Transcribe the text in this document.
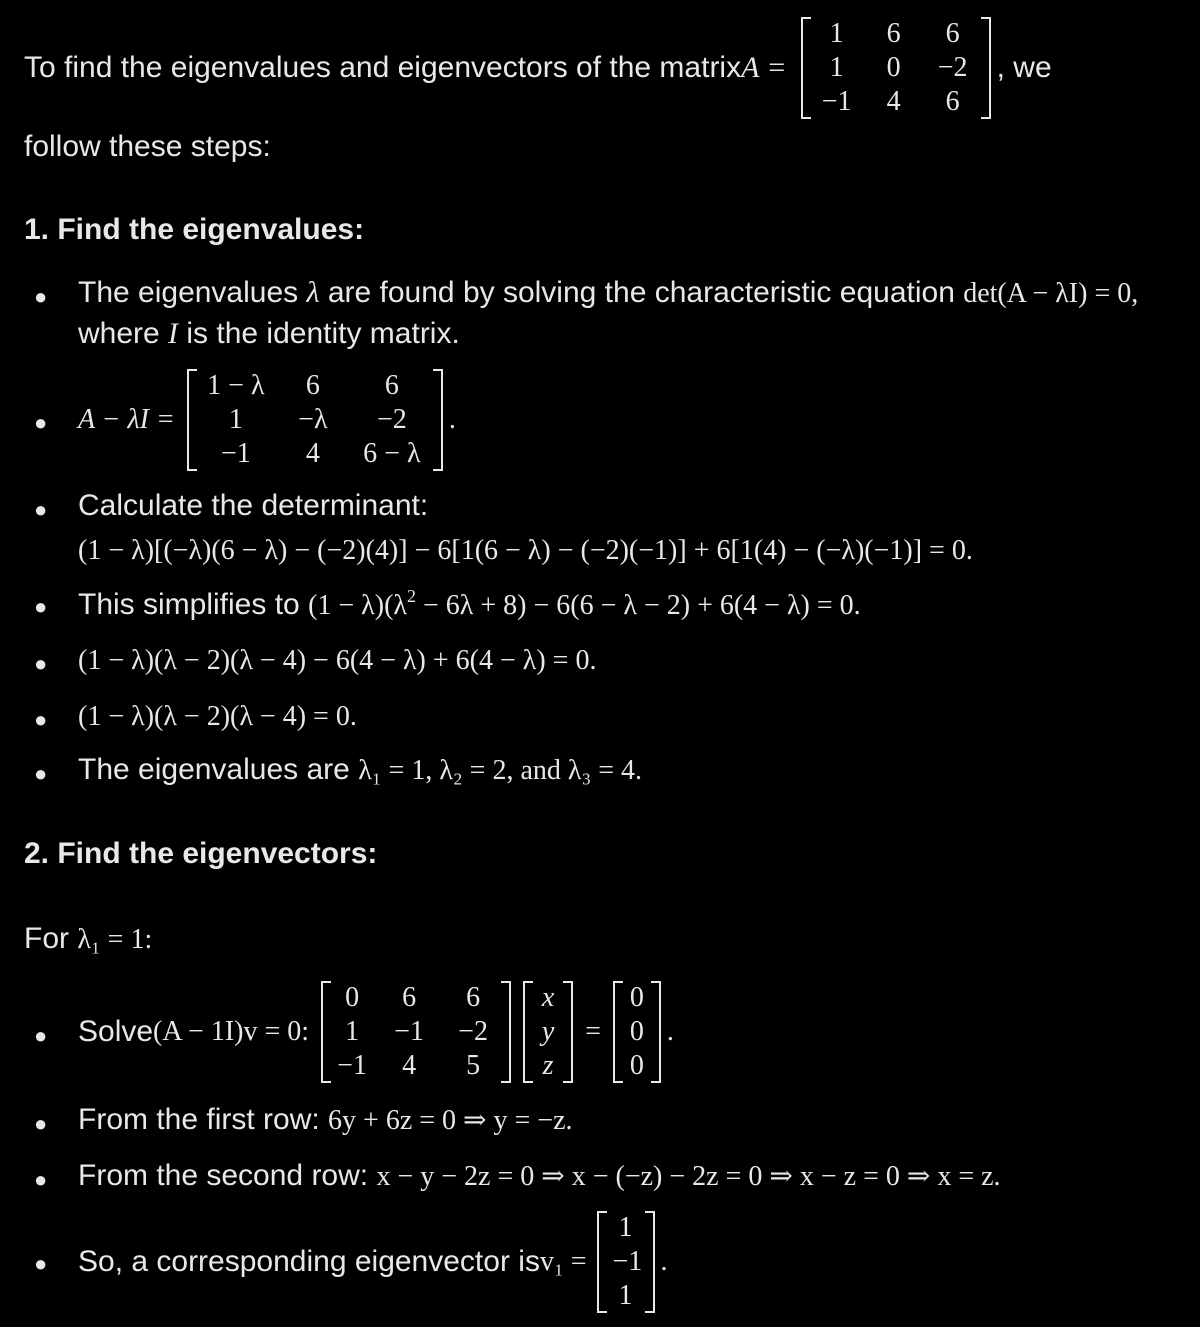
To find the eigenvalues and eigenvectors of the matrix A =
1	6	6
1	0 −2
−1 4	6
, we
follow these steps:
1. Find the eigenvalues:
● The eigenvalues λ are found by solving the characteristic equation det(A − λI) = 0,
where I is the identity matrix.
● A − λI =
1 − λ	6	6
1	−λ	−2
−1	4	6 − λ
.
● Calculate the determinant:
(1 − λ)[(−λ)(6 − λ) − (−2)(4)] − 6[1(6 − λ) − (−2)(−1)] + 6[1(4) − (−λ)(−1)] = 0.
● This simplifies to $(1 - \lambda)(\lambda^2 - 6\lambda + 8) - 6(6 - \lambda - 2) + 6(4 - \lambda) = 0$.
● (1 − λ)(λ − 2)(λ − 4) − 6(4 − λ) + 6(4 − λ) = 0.
● (1 − λ)(λ − 2)(λ − 4) = 0.
● The eigenvalues are λ₁ = 1, λ₂ = 2, and λ₃ = 4.
2. Find the eigenvectors:
For λ₁ = 1:
● Solve (A − 1I)v = 0:
0	6	6
1 −1 −2
−1	4	5
x
y
z
=
0
0
0
.
● From the first row: 6y + 6z = 0 ⇒ y = −z.
● From the second row: x − y − 2z = 0 ⇒ x − (−z) − 2z = 0 ⇒ x − z = 0 ⇒ x = z.
● So, a corresponding eigenvector is v₁ =
1
−1
1
.
